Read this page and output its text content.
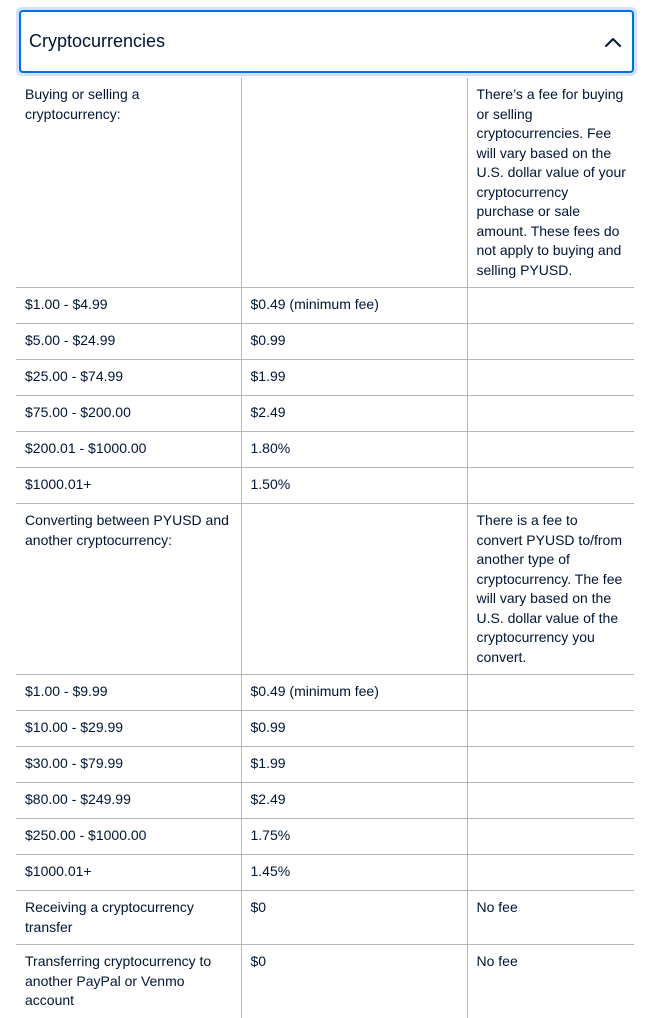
Cryptocurrencies
Buying or selling a cryptocurrency:		There’s a fee for buying or selling cryptocurrencies. Fee will vary based on the U.S. dollar value of your cryptocurrency purchase or sale amount. These fees do not apply to buying and selling PYUSD.
$1.00 - $4.99	$0.49 (minimum fee)	
$5.00 - $24.99	$0.99	
$25.00 - $74.99	$1.99	
$75.00 - $200.00	$2.49	
$200.01 - $1000.00	1.80%	
$1000.01+	1.50%	
Converting between PYUSD and another cryptocurrency:		There is a fee to convert PYUSD to/from another type of cryptocurrency. The fee will vary based on the U.S. dollar value of the cryptocurrency you convert.
$1.00 - $9.99	$0.49 (minimum fee)	
$10.00 - $29.99	$0.99	
$30.00 - $79.99	$1.99	
$80.00 - $249.99	$2.49	
$250.00 - $1000.00	1.75%	
$1000.01+	1.45%	
Receiving a cryptocurrency transfer	$0	No fee
Transferring cryptocurrency to another PayPal or Venmo account	$0	No fee
